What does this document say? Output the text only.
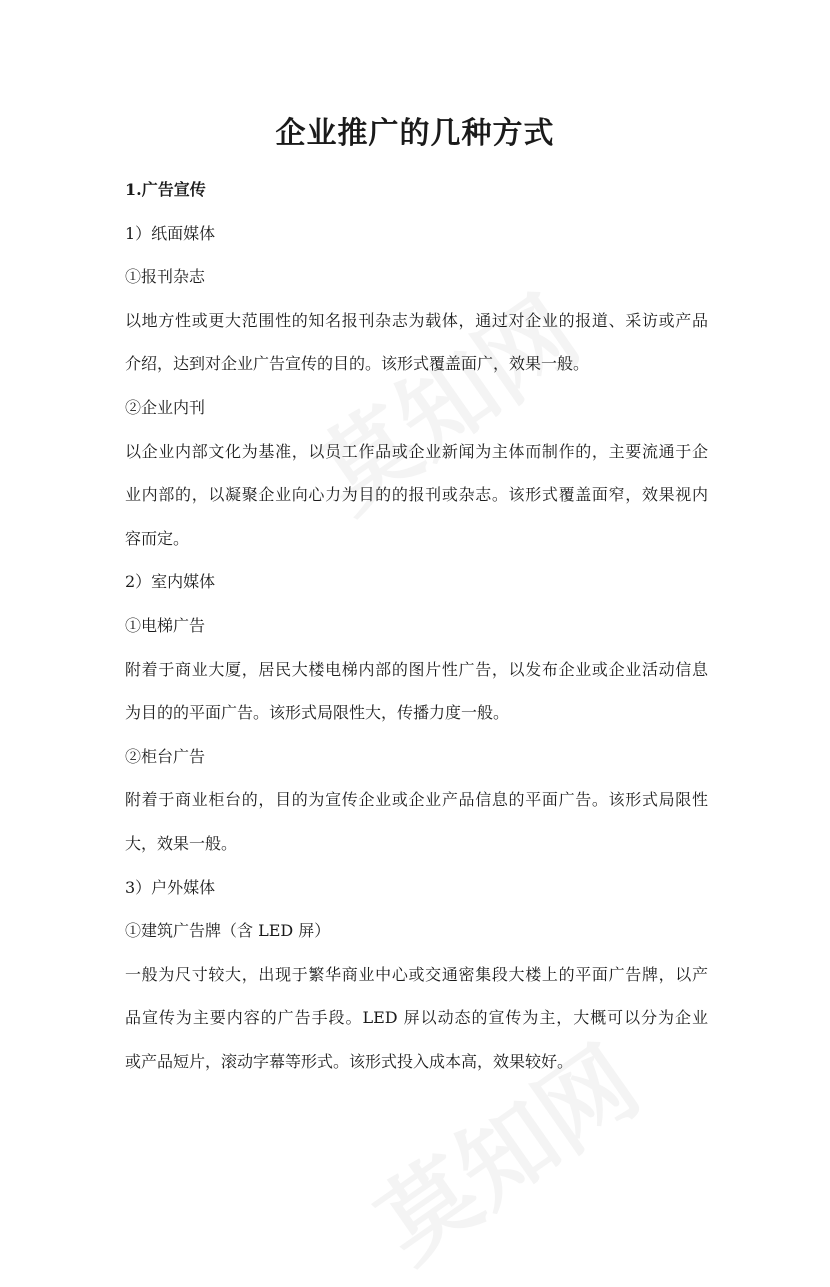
企业推广的几种方式
1.广告宣传
1）纸面媒体
①报刊杂志
以地方性或更大范围性的知名报刊杂志为载体，通过对企业的报道、采访或产品
介绍，达到对企业广告宣传的目的。该形式覆盖面广，效果一般。
②企业内刊
以企业内部文化为基准，以员工作品或企业新闻为主体而制作的，主要流通于企
业内部的，以凝聚企业向心力为目的的报刊或杂志。该形式覆盖面窄，效果视内
容而定。
2）室内媒体
①电梯广告
附着于商业大厦，居民大楼电梯内部的图片性广告，以发布企业或企业活动信息
为目的的平面广告。该形式局限性大，传播力度一般。
②柜台广告
附着于商业柜台的，目的为宣传企业或企业产品信息的平面广告。该形式局限性
大，效果一般。
3）户外媒体
①建筑广告牌（含 LED 屏）
一般为尺寸较大，出现于繁华商业中心或交通密集段大楼上的平面广告牌，以产
品宣传为主要内容的广告手段。LED 屏以动态的宣传为主，大概可以分为企业
或产品短片，滚动字幕等形式。该形式投入成本高，效果较好。
